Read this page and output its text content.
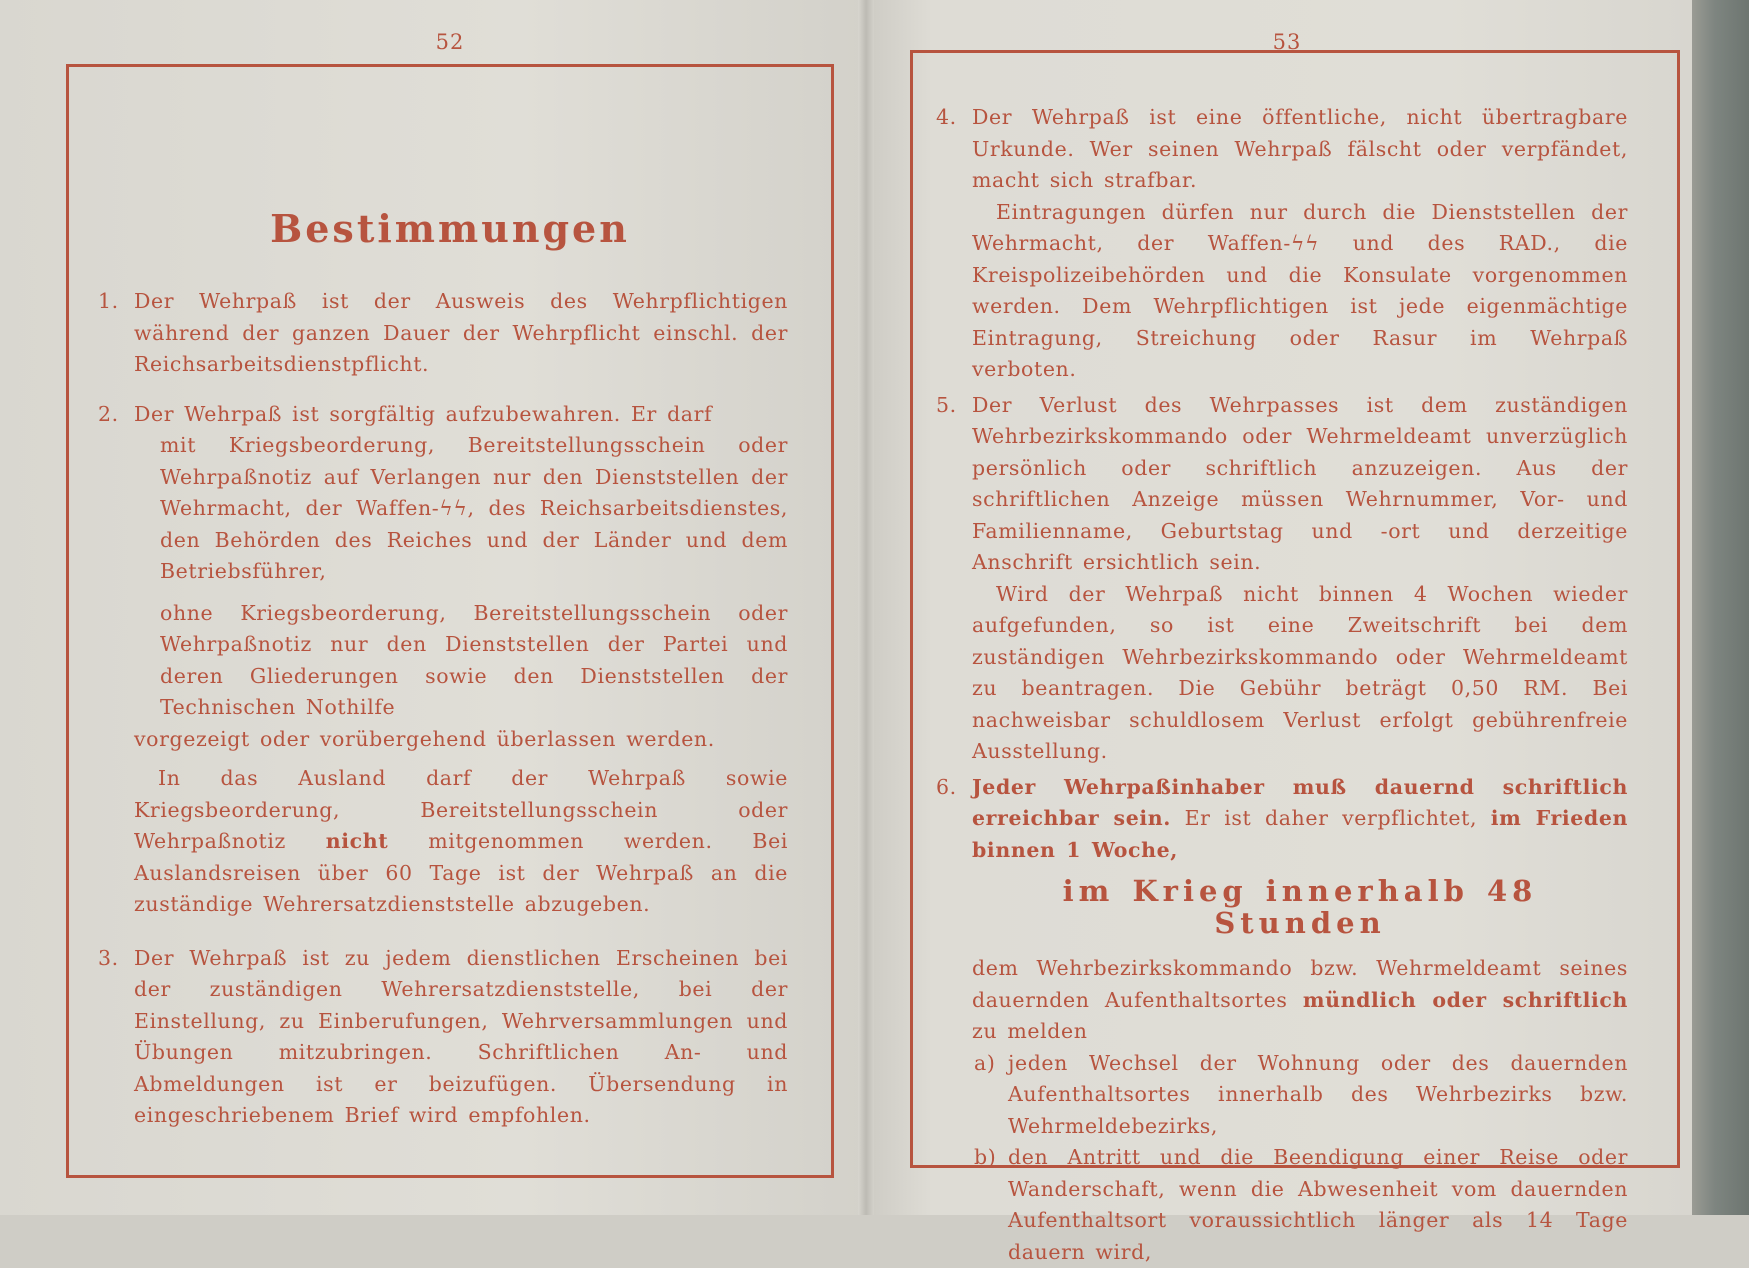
52
Bestimmungen
1. Der Wehrpaß ist der Ausweis des Wehrpflichtigen während der ganzen Dauer der Wehrpflicht einschl. der Reichsarbeitsdienstpflicht.

2. Der Wehrpaß ist sorgfältig aufzubewahren. Er darf

mit Kriegsbeorderung, Bereitstellungsschein oder Wehrpaßnotiz auf Verlangen nur den Dienststellen der Wehrmacht, der Waffen-ϟϟ, des Reichsarbeitsdienstes, den Behörden des Reiches und der Länder und dem Betriebsführer,

ohne Kriegsbeorderung, Bereitstellungsschein oder Wehrpaßnotiz nur den Dienststellen der Partei und deren Gliederungen sowie den Dienststellen der Technischen Nothilfe

vorgezeigt oder vorübergehend überlassen werden.

In das Ausland darf der Wehrpaß sowie Kriegsbeorderung, Bereitstellungsschein oder Wehrpaßnotiz nicht mitgenommen werden. Bei Auslandsreisen über 60 Tage ist der Wehrpaß an die zuständige Wehrersatzdienststelle abzugeben.

3. Der Wehrpaß ist zu jedem dienstlichen Erscheinen bei der zuständigen Wehrersatzdienststelle, bei der Einstellung, zu Einberufungen, Wehrversammlungen und Übungen mitzubringen. Schriftlichen An- und Abmeldungen ist er beizufügen. Übersendung in eingeschriebenem Brief wird empfohlen.

53
4. Der Wehrpaß ist eine öffentliche, nicht übertragbare Urkunde. Wer seinen Wehrpaß fälscht oder verpfändet, macht sich strafbar.

Eintragungen dürfen nur durch die Dienststellen der Wehrmacht, der Waffen-ϟϟ und des RAD., die Kreispolizeibehörden und die Konsulate vorgenommen werden. Dem Wehrpflichtigen ist jede eigenmächtige Eintragung, Streichung oder Rasur im Wehrpaß verboten.

5. Der Verlust des Wehrpasses ist dem zuständigen Wehrbezirkskommando oder Wehrmeldeamt unverzüglich persönlich oder schriftlich anzuzeigen. Aus der schriftlichen Anzeige müssen Wehrnummer, Vor- und Familienname, Geburtstag und -ort und derzeitige Anschrift ersichtlich sein.

Wird der Wehrpaß nicht binnen 4 Wochen wieder aufgefunden, so ist eine Zweitschrift bei dem zuständigen Wehrbezirkskommando oder Wehrmeldeamt zu beantragen. Die Gebühr beträgt 0,50 RM. Bei nachweisbar schuldlosem Verlust erfolgt gebührenfreie Ausstellung.

6. Jeder Wehrpaßinhaber muß dauernd schriftlich erreichbar sein. Er ist daher verpflichtet, im Frieden binnen 1 Woche,

im Krieg innerhalb 48 Stunden

dem Wehrbezirkskommando bzw. Wehrmeldeamt seines dauernden Aufenthaltsortes mündlich oder schriftlich zu melden

a) jeden Wechsel der Wohnung oder des dauernden Aufenthaltsortes innerhalb des Wehrbezirks bzw. Wehrmeldebezirks,

b) den Antritt und die Beendigung einer Reise oder Wanderschaft, wenn die Abwesenheit vom dauernden Aufenthaltsort voraussichtlich länger als 14 Tage dauern wird,
